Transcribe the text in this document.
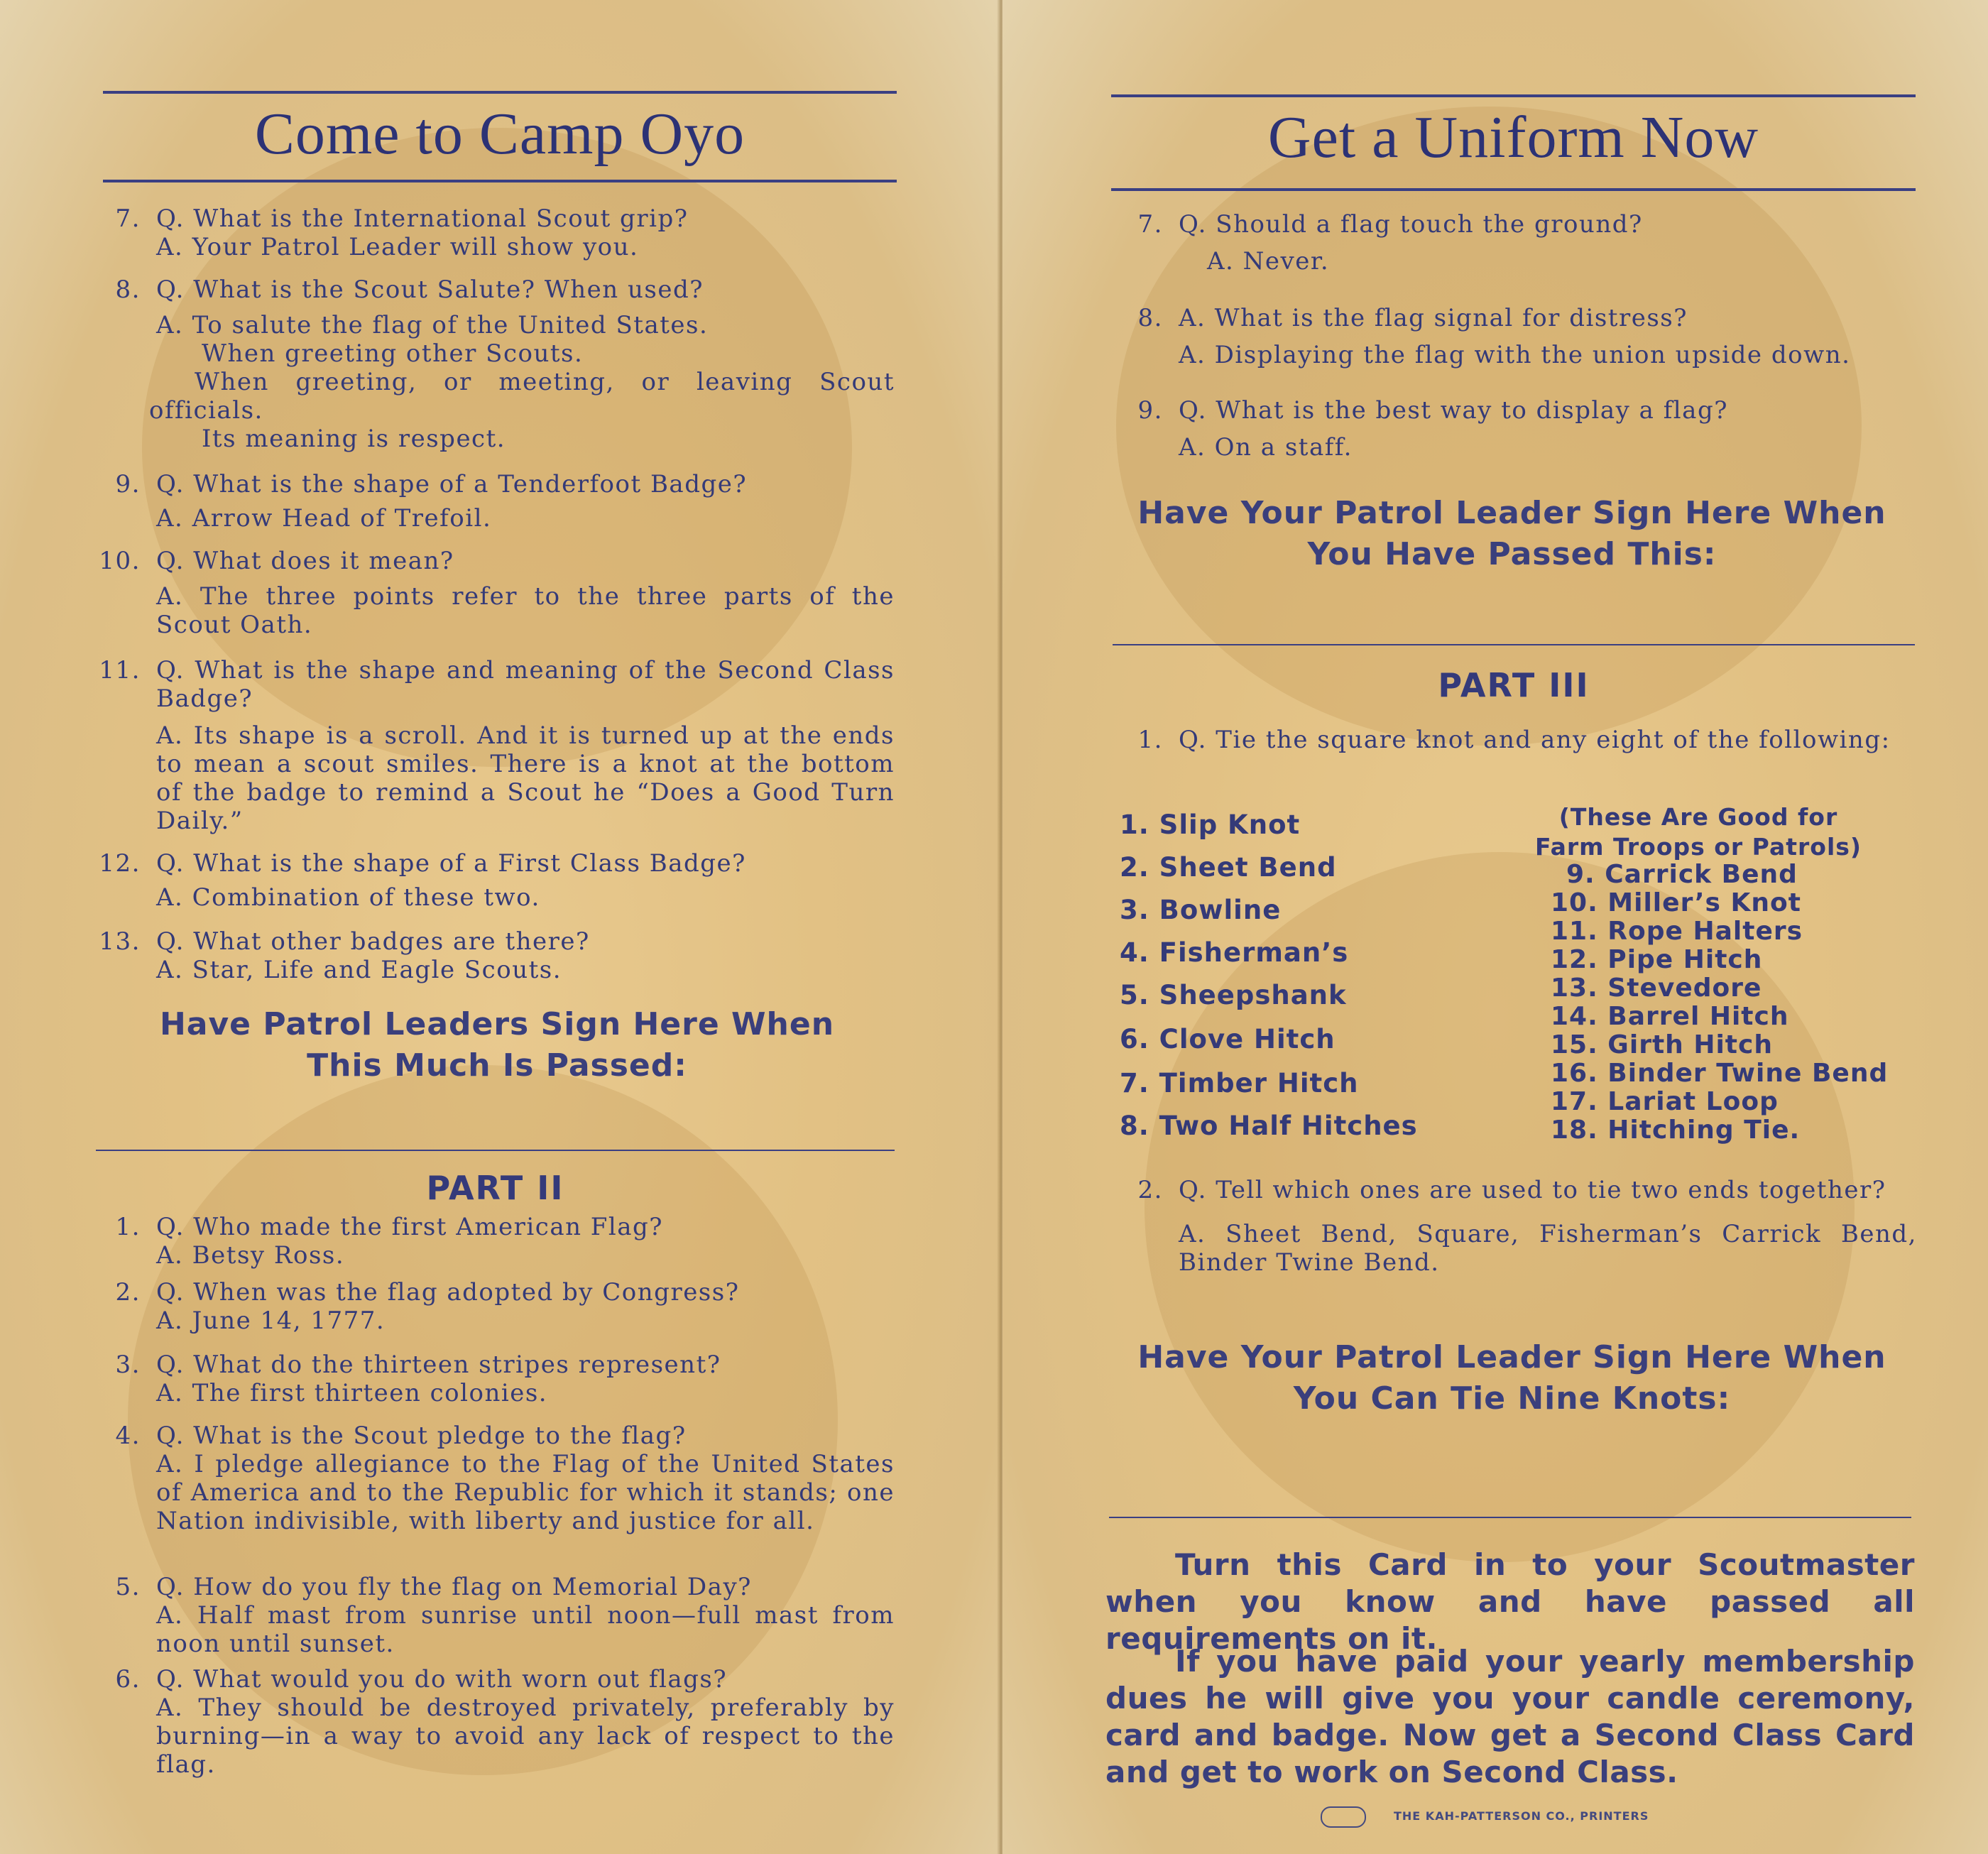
Come to Camp Oyo
7. Q. What is the International Scout grip?
A. Your Patrol Leader will show you.
8. Q. What is the Scout Salute? When used?
A. To salute the flag of the United States.
When greeting other Scouts.
When greeting, or meeting, or leaving Scout officials.
Its meaning is respect.
9. Q. What is the shape of a Tenderfoot Badge?
A. Arrow Head of Trefoil.
10. Q. What does it mean?
A. The three points refer to the three parts of the Scout Oath.
11. Q. What is the shape and meaning of the Second Class Badge?
A. Its shape is a scroll. And it is turned up at the ends to mean a scout smiles. There is a knot at the bottom of the badge to remind a Scout he “Does a Good Turn Daily.”
12. Q. What is the shape of a First Class Badge?
A. Combination of these two.
13. Q. What other badges are there?
A. Star, Life and Eagle Scouts.
Have Patrol Leaders Sign Here When This Much Is Passed:
PART II
1. Q. Who made the first American Flag?
A. Betsy Ross.
2. Q. When was the flag adopted by Congress?
A. June 14, 1777.
3. Q. What do the thirteen stripes represent?
A. The first thirteen colonies.
4. Q. What is the Scout pledge to the flag?
A. I pledge allegiance to the Flag of the United States of America and to the Republic for which it stands; one Nation indivisible, with liberty and justice for all.
5. Q. How do you fly the flag on Memorial Day?
A. Half mast from sunrise until noon—full mast from noon until sunset.
6. Q. What would you do with worn out flags?
A. They should be destroyed privately, preferably by burning—in a way to avoid any lack of respect to the flag.
Get a Uniform Now
7. Q. Should a flag touch the ground?
A. Never.
8. A. What is the flag signal for distress?
A. Displaying the flag with the union upside down.
9. Q. What is the best way to display a flag?
A. On a staff.
Have Your Patrol Leader Sign Here When You Have Passed This:
PART III
1. Q. Tie the square knot and any eight of the following:
1. Slip Knot
2. Sheet Bend
3. Bowline
4. Fisherman’s
5. Sheepshank
6. Clove Hitch
7. Timber Hitch
8. Two Half Hitches
(These Are Good for Farm Troops or Patrols)
9. Carrick Bend
10. Miller’s Knot
11. Rope Halters
12. Pipe Hitch
13. Stevedore
14. Barrel Hitch
15. Girth Hitch
16. Binder Twine Bend
17. Lariat Loop
18. Hitching Tie.
2. Q. Tell which ones are used to tie two ends together?
A. Sheet Bend, Square, Fisherman’s Carrick Bend, Binder Twine Bend.
Have Your Patrol Leader Sign Here When You Can Tie Nine Knots:
Turn this Card in to your Scoutmaster when you know and have passed all requirements on it.
If you have paid your yearly membership dues he will give you your candle ceremony, card and badge. Now get a Second Class Card and get to work on Second Class.
THE KAH-PATTERSON CO., PRINTERS
